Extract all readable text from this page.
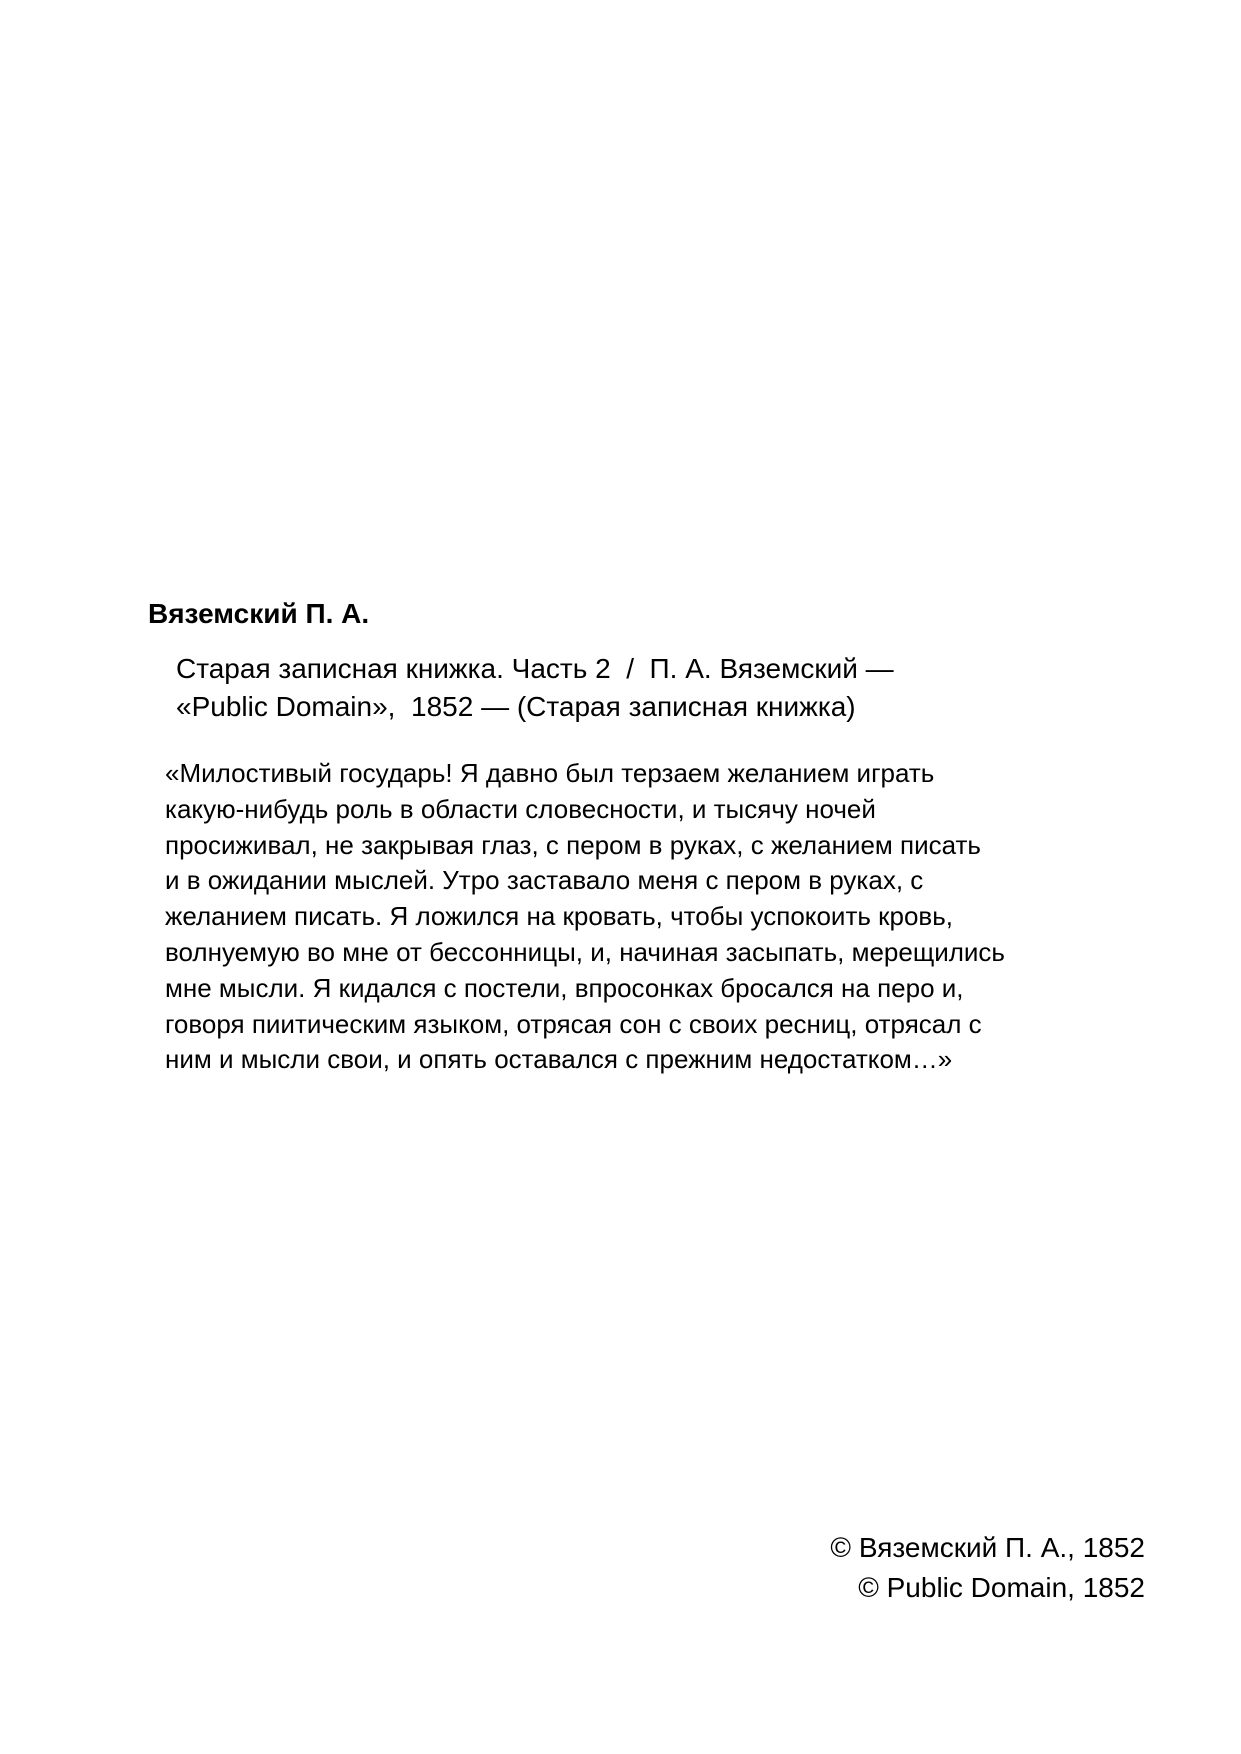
Вяземский П. А.
Старая записная книжка. Часть 2  /  П. А. Вяземский —
«Public Domain»,  1852 — (Старая записная книжка)
«Милостивый государь! Я давно был терзаем желанием играть
какую-нибудь роль в области словесности, и тысячу ночей
просиживал, не закрывая глаз, с пером в руках, с желанием писать
и в ожидании мыслей. Утро заставало меня с пером в руках, с
желанием писать. Я ложился на кровать, чтобы успокоить кровь,
волнуемую во мне от бессонницы, и, начиная засыпать, мерещились
мне мысли. Я кидался с постели, впросонках бросался на перо и,
говоря пиитическим языком, отрясая сон с своих ресниц, отрясал с
ним и мысли свои, и опять оставался с прежним недостатком…»
© Вяземский П. А., 1852
© Public Domain, 1852
